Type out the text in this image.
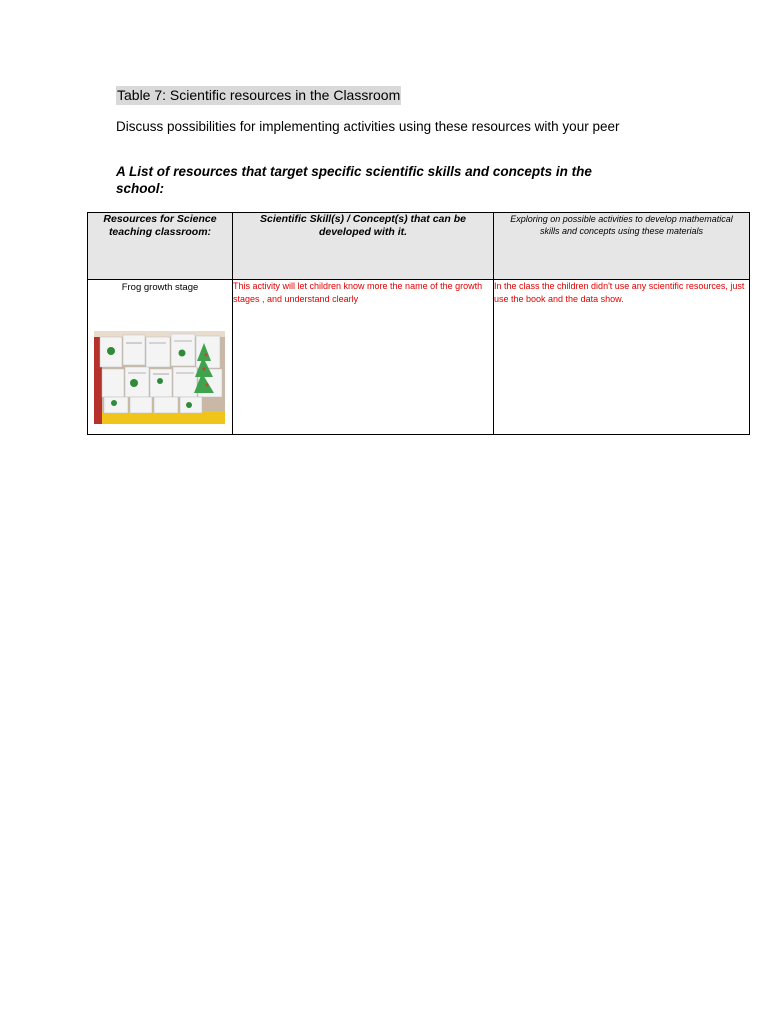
Table 7: Scientific resources in the Classroom
Discuss possibilities for implementing activities using these resources with your peer
A List of resources that target specific scientific skills and concepts in the school:
Resources for Science teaching classroom:	Scientific Skill(s) / Concept(s) that can be developed with it.	Exploring on possible activities to develop mathematical skills and concepts using these materials

Frog growth stage	This activity will let children know more the name of the growth stages , and understand clearly	In the class the children didn't use any scientific resources, just use the book and the data show.
